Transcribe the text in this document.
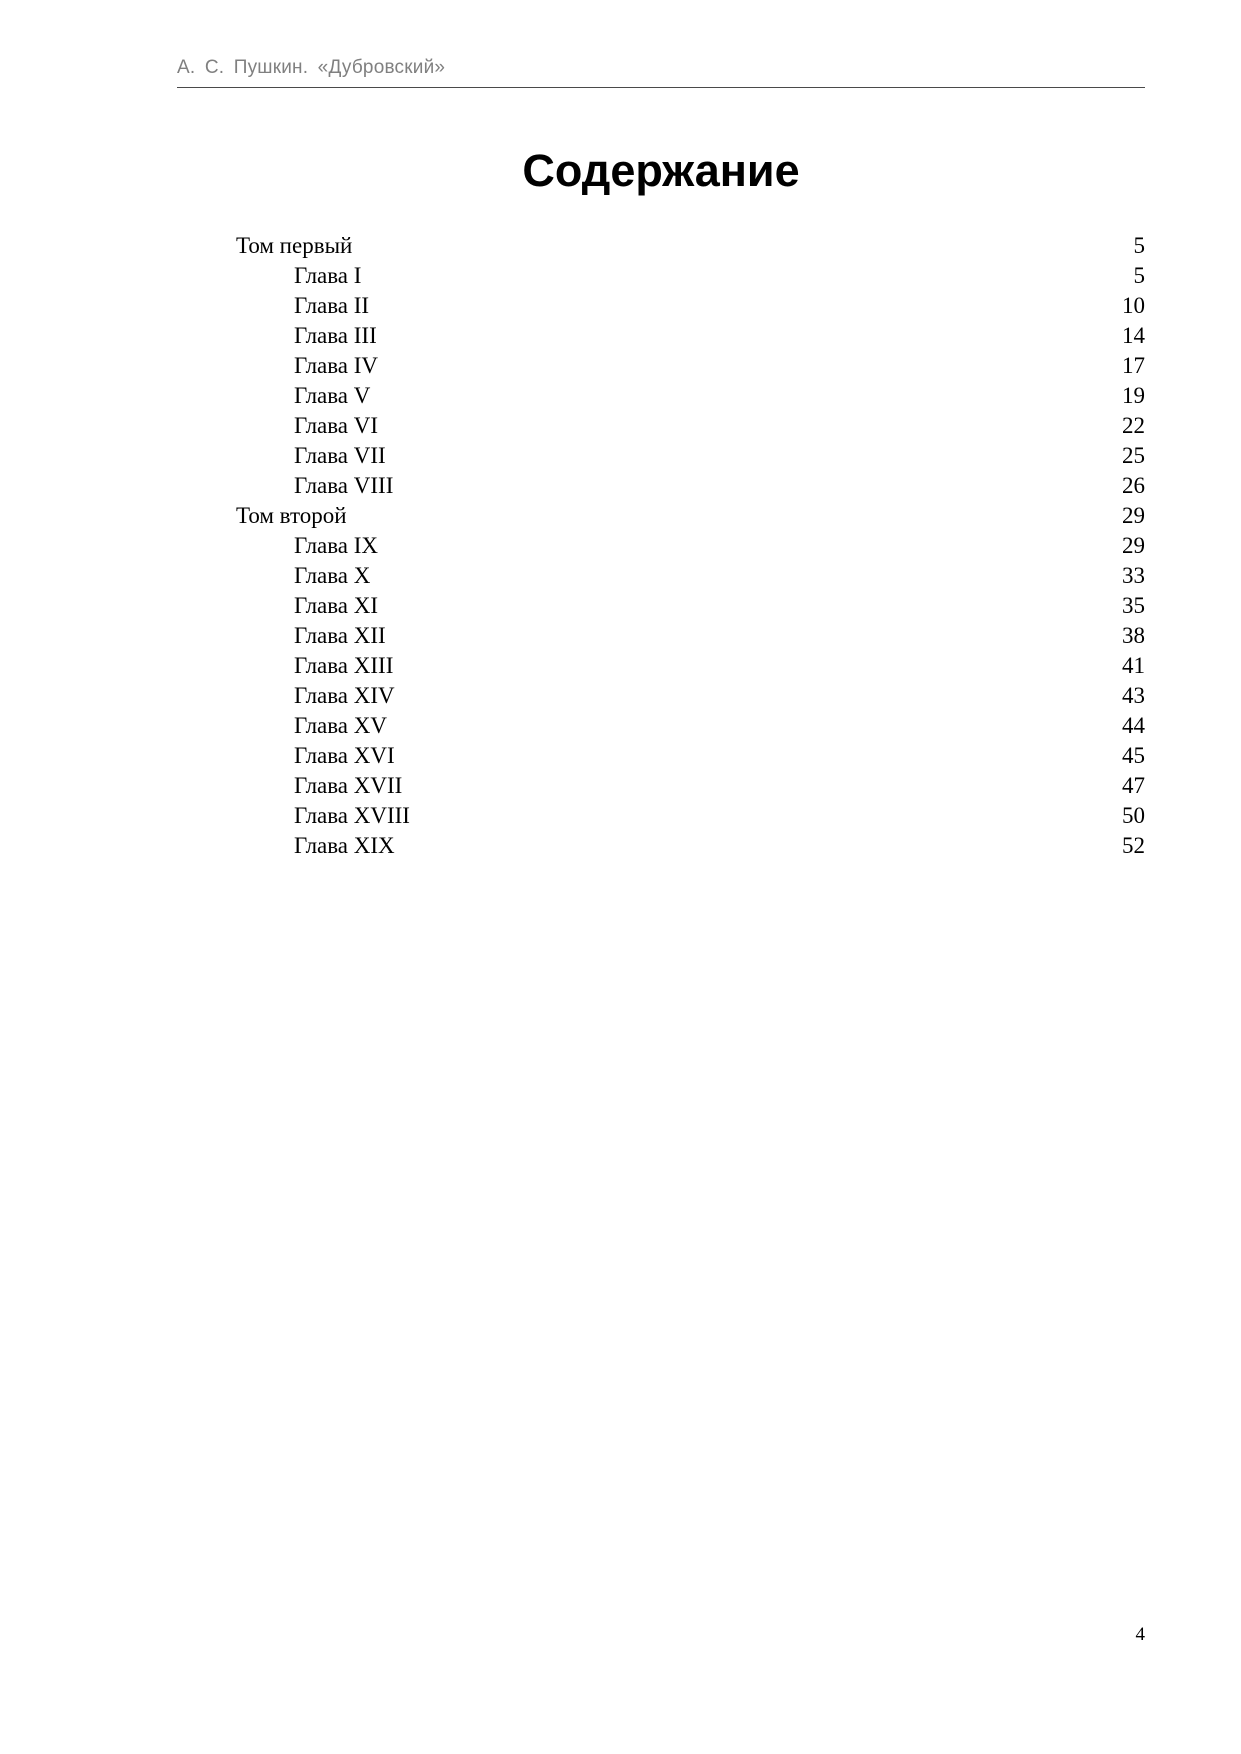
А. С. Пушкин. «Дубровский»
Содержание
Том первый	5
Глава I	5
Глава II	10
Глава III	14
Глава IV	17
Глава V	19
Глава VI	22
Глава VII	25
Глава VIII	26
Том второй	29
Глава IX	29
Глава X	33
Глава XI	35
Глава XII	38
Глава XIII	41
Глава XIV	43
Глава XV	44
Глава XVI	45
Глава XVII	47
Глава XVIII	50
Глава XIX	52
4
